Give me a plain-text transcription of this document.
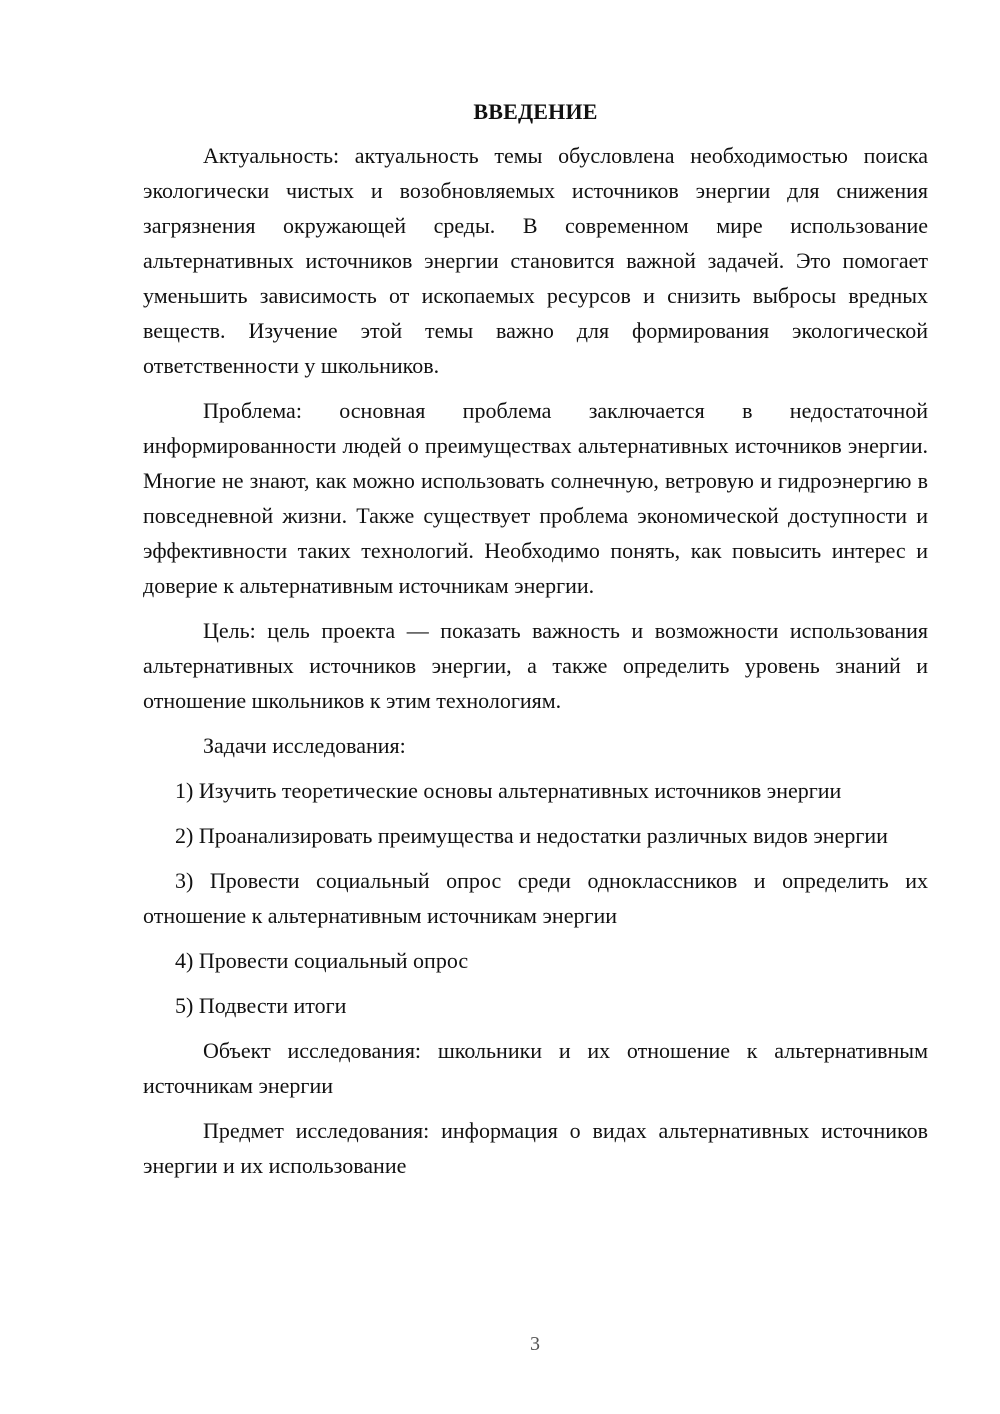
ВВЕДЕНИЕ

Актуальность: актуальность темы обусловлена необходимостью поиска экологически чистых и возобновляемых источников энергии для снижения загрязнения окружающей среды. В современном мире использование альтернативных источников энергии становится важной задачей. Это помогает уменьшить зависимость от ископаемых ресурсов и снизить выбросы вредных веществ. Изучение этой темы важно для формирования экологической ответственности у школьников.

Проблема: основная проблема заключается в недостаточной информированности людей о преимуществах альтернативных источников энергии. Многие не знают, как можно использовать солнечную, ветровую и гидроэнергию в повседневной жизни. Также существует проблема экономической доступности и эффективности таких технологий. Необходимо понять, как повысить интерес и доверие к альтернативным источникам энергии.

Цель: цель проекта — показать важность и возможности использования альтернативных источников энергии, а также определить уровень знаний и отношение школьников к этим технологиям.

Задачи исследования:

1) Изучить теоретические основы альтернативных источников энергии

2) Проанализировать преимущества и недостатки различных видов энергии

3) Провести социальный опрос среди одноклассников и определить их отношение к альтернативным источникам энергии

4) Провести социальный опрос

5) Подвести итоги

Объект исследования: школьники и их отношение к альтернативным источникам энергии

Предмет исследования: информация о видах альтернативных источников энергии и их использование

3
